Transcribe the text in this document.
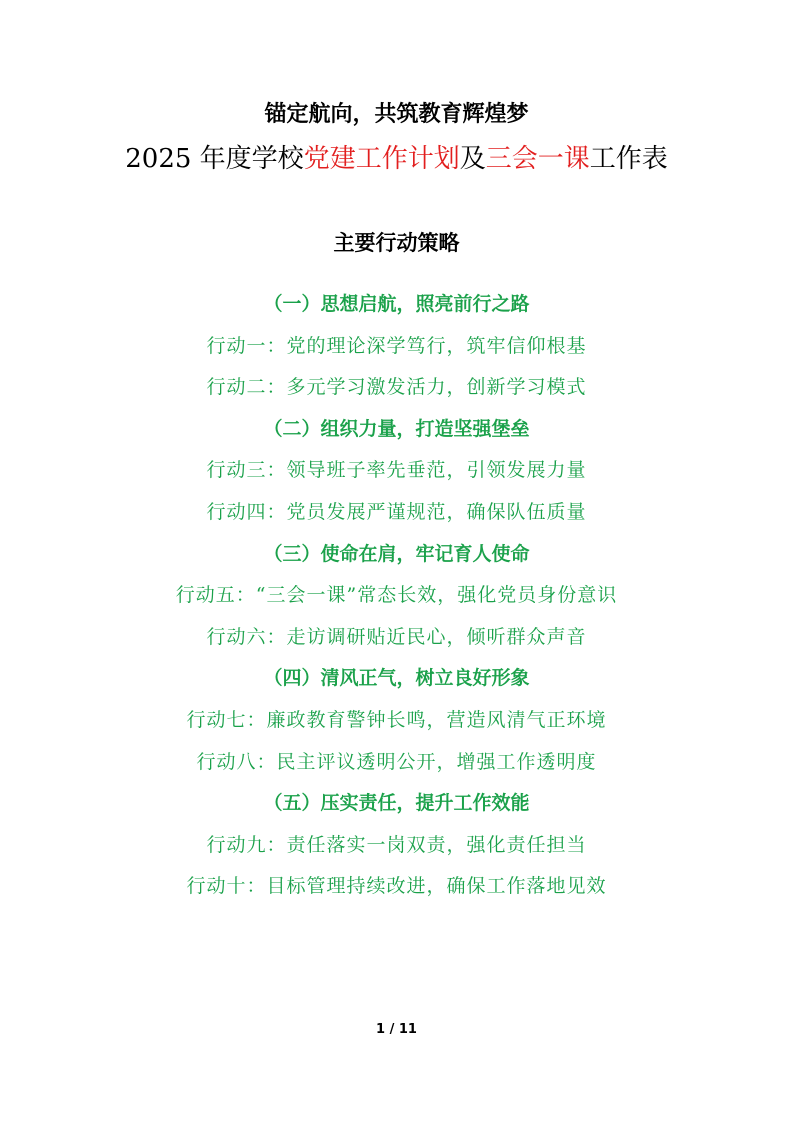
锚定航向，共筑教育辉煌梦
2025 年度学校党建工作计划及三会一课工作表
主要行动策略
（一）思想启航，照亮前行之路
行动一：党的理论深学笃行，筑牢信仰根基
行动二：多元学习激发活力，创新学习模式
（二）组织力量，打造坚强堡垒
行动三：领导班子率先垂范，引领发展力量
行动四：党员发展严谨规范，确保队伍质量
（三）使命在肩，牢记育人使命
行动五：“三会一课”常态长效，强化党员身份意识
行动六：走访调研贴近民心，倾听群众声音
（四）清风正气，树立良好形象
行动七：廉政教育警钟长鸣，营造风清气正环境
行动八：民主评议透明公开，增强工作透明度
（五）压实责任，提升工作效能
行动九：责任落实一岗双责，强化责任担当
行动十：目标管理持续改进，确保工作落地见效
1 / 11
